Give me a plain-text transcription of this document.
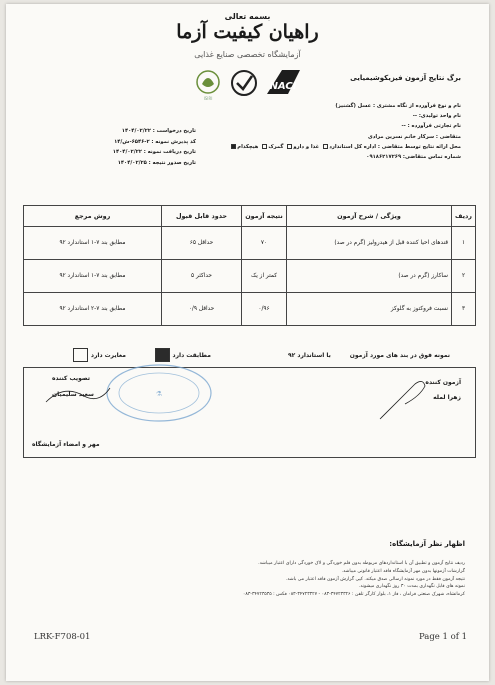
بسمه تعالی
راهیان کیفیت آزما
آزمایشگاه تخصصی صنایع غذایی
ISIRI
NACI
برگ نتایج آزمون فیزیکوشیمیایی
نام و نوع فرآورده از نگاه مشتری : عسل (گشنیز)
نام واحد تولیدی: --
نام تجارتی فرآورده : --
متقاضی : سرکار خانم نسرین مرادی
محل ارائه نتایج توسط متقاضی :
اداره کل استاندارد
غذا و دارو
گمرک
هیچکدام
شماره تماس متقاضی: ۰۹۱۸۶۲۱۷۲۶۹
تاریخ درخواست : ۱۴۰۴/۰۲/۲۲
کد پذیرش نمونه : ۲-۶۵۴۶-ش/۱۴
تاریخ دریافت نمونه : ۱۴۰۴/۰۲/۲۲
تاریخ صدور نتیجه : ۱۴۰۴/۰۲/۲۵
ردیف	ویژگی / شرح آزمون	نتیجه آزمون	حدود قابل قبول	روش مرجع
۱	قندهای احیا کننده قبل از هیدرولیز (گرم در صد)	۷۰	حداقل ۶۵	مطابق بند ۷-۱ استاندارد ۹۲
۲	ساکارز (گرم در صد)	کمتر از یک	حداکثر ۵	مطابق بند ۷-۱ استاندارد ۹۲
۳	نسبت فروکتوز به گلوکز	۰/۹۶	حداقل ۰/۹	مطابق بند ۷-۲ استاندارد ۹۲
نمونه فوق در بند های مورد آزمون         با استاندارد ۹۲
مطابقت دارد
مغایرت دارد
آزمون کننده
زهرا لمله
⚗
تصویب کننده
سعید سلیمیان
مهر و امضاء آزمایشگاه
اظهار نظر آزمایشگاه:
ردیف نتایج آزمون و تطبیق آن با استانداردهای مربوطه بدون قلم خوردگی و لاک خوردگی دارای اعتبار میباشد.
گزارشات آزمونها بدون مهر آزمایشگاه فاقد اعتبار قانونی میباشد.
نتیجه آزمون فقط در مورد نمونه ارسالی صدق میکند. کپی گزارش آزمون فاقد اعتبار می باشد.
نمونه های قابل نگهداری بمدت ۳۰ روز نگهداری میشوند.
کرمانشاه، شهرک صنعتی فرامان ، فاز ۱، بلوار کارگر تلفن : ۳۴۷۲۳۳۲۶-۰۸۳ - ۳۴۷۲۳۳۲۷-۰۸۳ فکس : ۳۴۷۲۳۵۳۵-۰۸۳
LRK-F708-01	Page 1 of 1
